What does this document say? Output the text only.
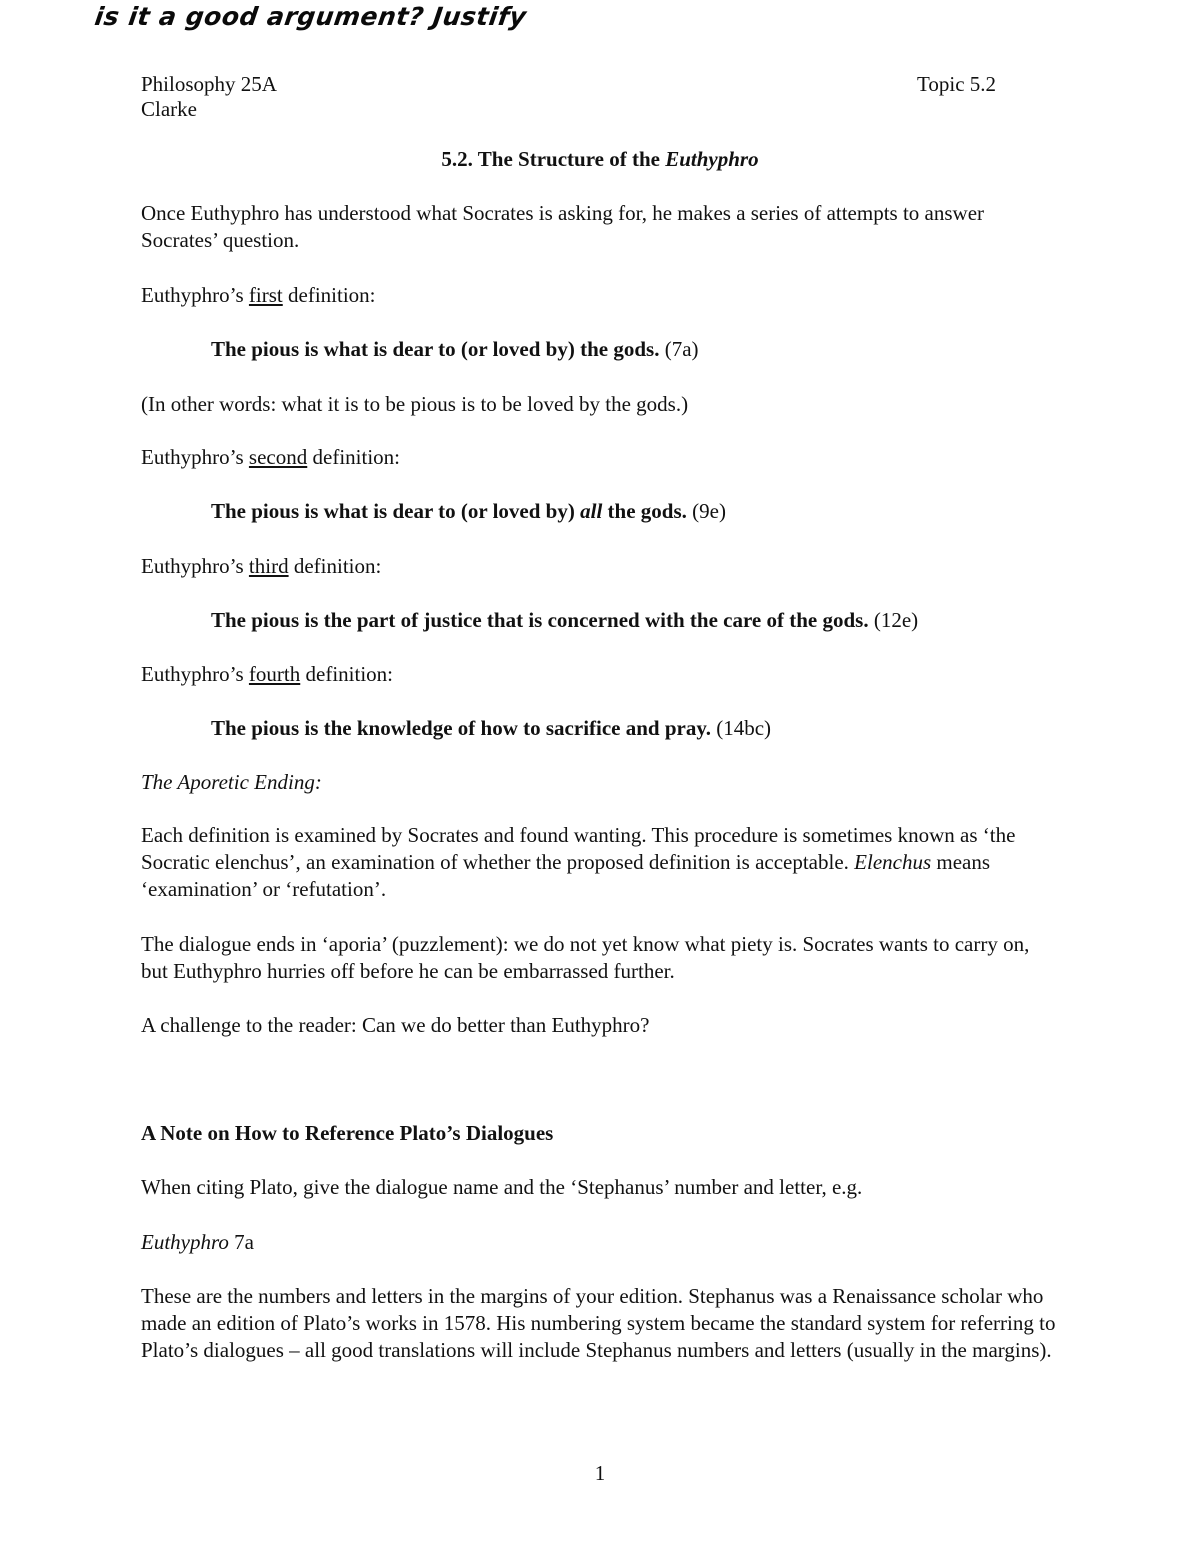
is it a good argument? Justify
Philosophy 25A
Clarke
Topic 5.2
5.2. The Structure of the Euthyphro
Once Euthyphro has understood what Socrates is asking for, he makes a series of attempts to answer Socrates’ question.
Euthyphro’s first definition:
The pious is what is dear to (or loved by) the gods. (7a)
(In other words: what it is to be pious is to be loved by the gods.)
Euthyphro’s second definition:
The pious is what is dear to (or loved by) all the gods. (9e)
Euthyphro’s third definition:
The pious is the part of justice that is concerned with the care of the gods. (12e)
Euthyphro’s fourth definition:
The pious is the knowledge of how to sacrifice and pray. (14bc)
The Aporetic Ending:
Each definition is examined by Socrates and found wanting. This procedure is sometimes known as ‘the Socratic elenchus’, an examination of whether the proposed definition is acceptable. Elenchus means ‘examination’ or ‘refutation’.
The dialogue ends in ‘aporia’ (puzzlement): we do not yet know what piety is. Socrates wants to carry on, but Euthyphro hurries off before he can be embarrassed further.
A challenge to the reader: Can we do better than Euthyphro?
A Note on How to Reference Plato’s Dialogues
When citing Plato, give the dialogue name and the ‘Stephanus’ number and letter, e.g.
Euthyphro 7a
These are the numbers and letters in the margins of your edition. Stephanus was a Renaissance scholar who made an edition of Plato’s works in 1578. His numbering system became the standard system for referring to Plato’s dialogues – all good translations will include Stephanus numbers and letters (usually in the margins).
1
